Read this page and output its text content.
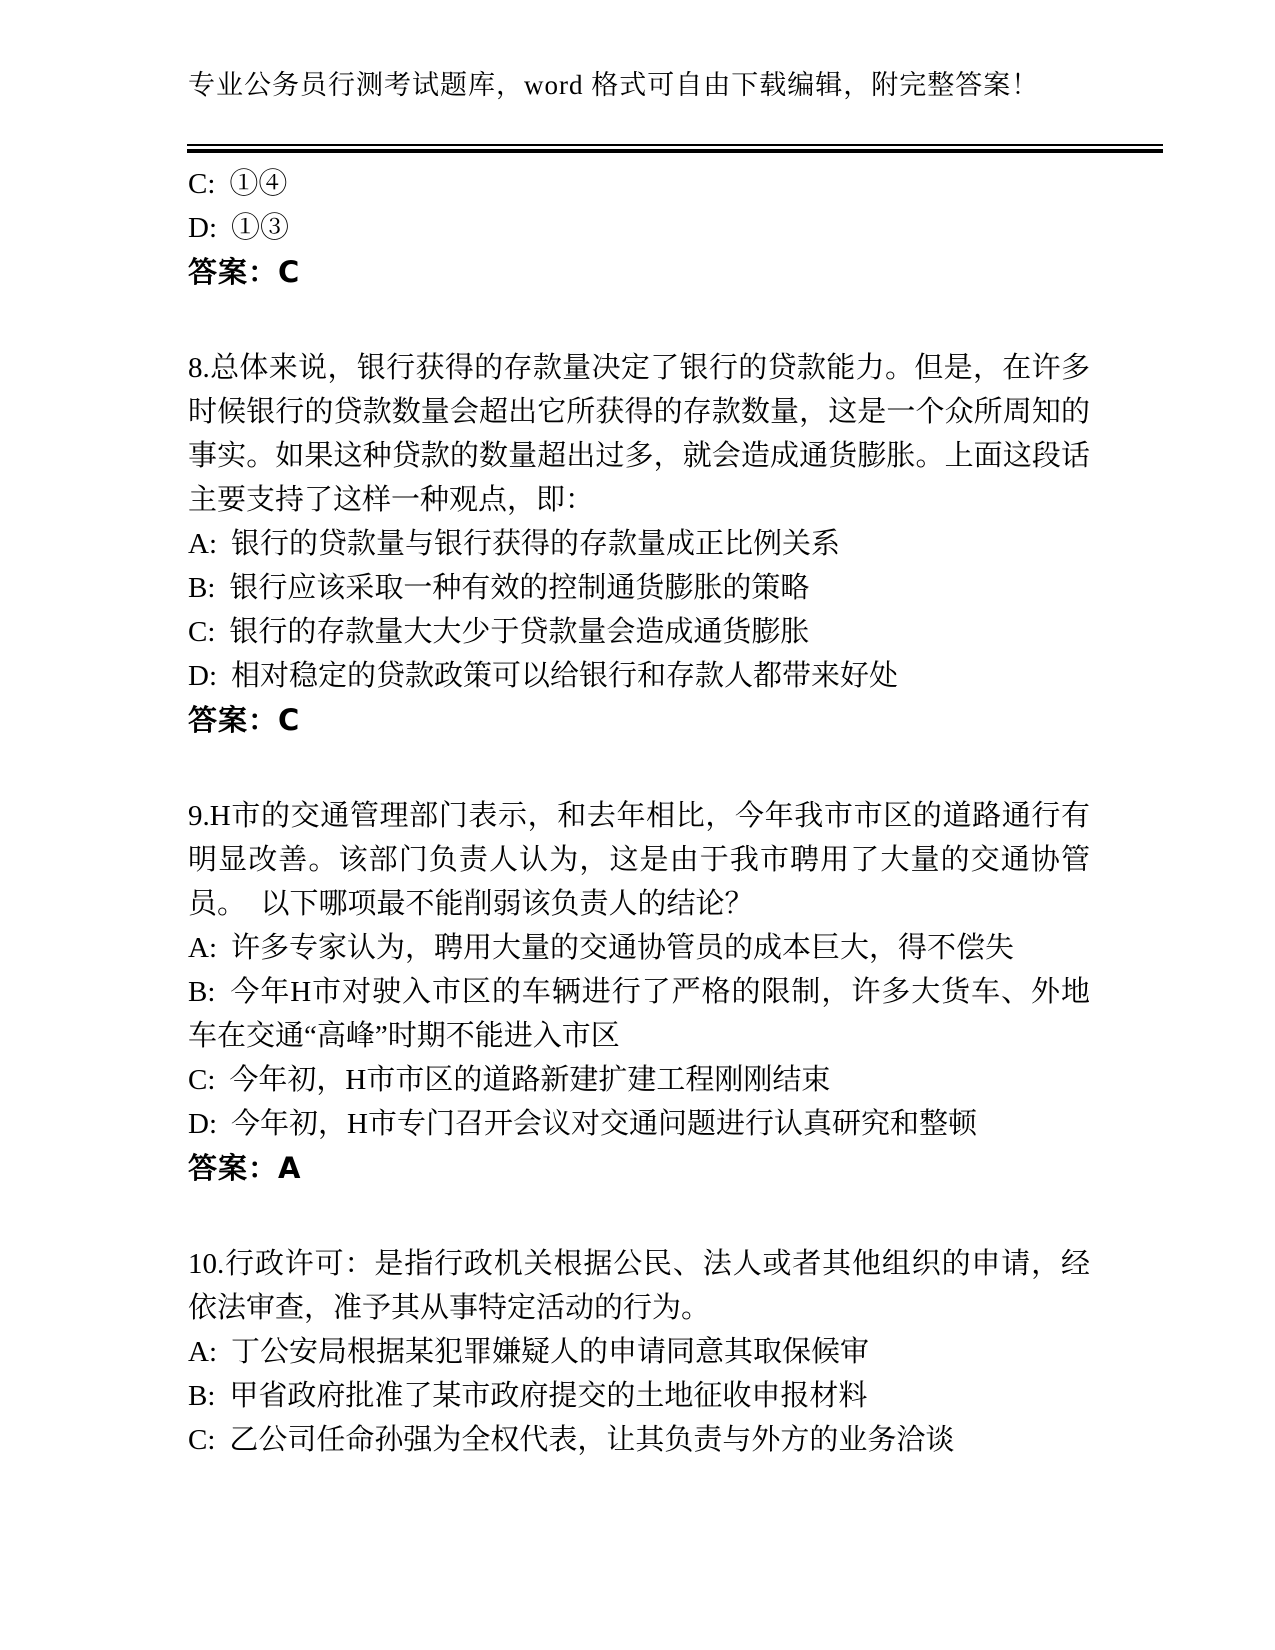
专业公务员行测考试题库，word 格式可自由下载编辑，附完整答案！

C: ①④

D: ①③

答案：C

8.总体来说，银行获得的存款量决定了银行的贷款能力。但是，在许多时候银行的贷款数量会超出它所获得的存款数量，这是一个众所周知的事实。如果这种贷款的数量超出过多，就会造成通货膨胀。上面这段话主要支持了这样一种观点，即：

A: 银行的贷款量与银行获得的存款量成正比例关系

B: 银行应该采取一种有效的控制通货膨胀的策略

C: 银行的存款量大大少于贷款量会造成通货膨胀

D: 相对稳定的贷款政策可以给银行和存款人都带来好处

答案：C

9.H市的交通管理部门表示，和去年相比，今年我市市区的道路通行有明显改善。该部门负责人认为，这是由于我市聘用了大量的交通协管员。　以下哪项最不能削弱该负责人的结论？

A: 许多专家认为，聘用大量的交通协管员的成本巨大，得不偿失

B: 今年H市对驶入市区的车辆进行了严格的限制，许多大货车、外地车在交通“高峰”时期不能进入市区

C: 今年初，H市市区的道路新建扩建工程刚刚结束

D: 今年初，H市专门召开会议对交通问题进行认真研究和整顿

答案：A

10.行政许可：是指行政机关根据公民、法人或者其他组织的申请，经依法审查，准予其从事特定活动的行为。

A: 丁公安局根据某犯罪嫌疑人的申请同意其取保候审

B: 甲省政府批准了某市政府提交的土地征收申报材料

C: 乙公司任命孙强为全权代表，让其负责与外方的业务洽谈
